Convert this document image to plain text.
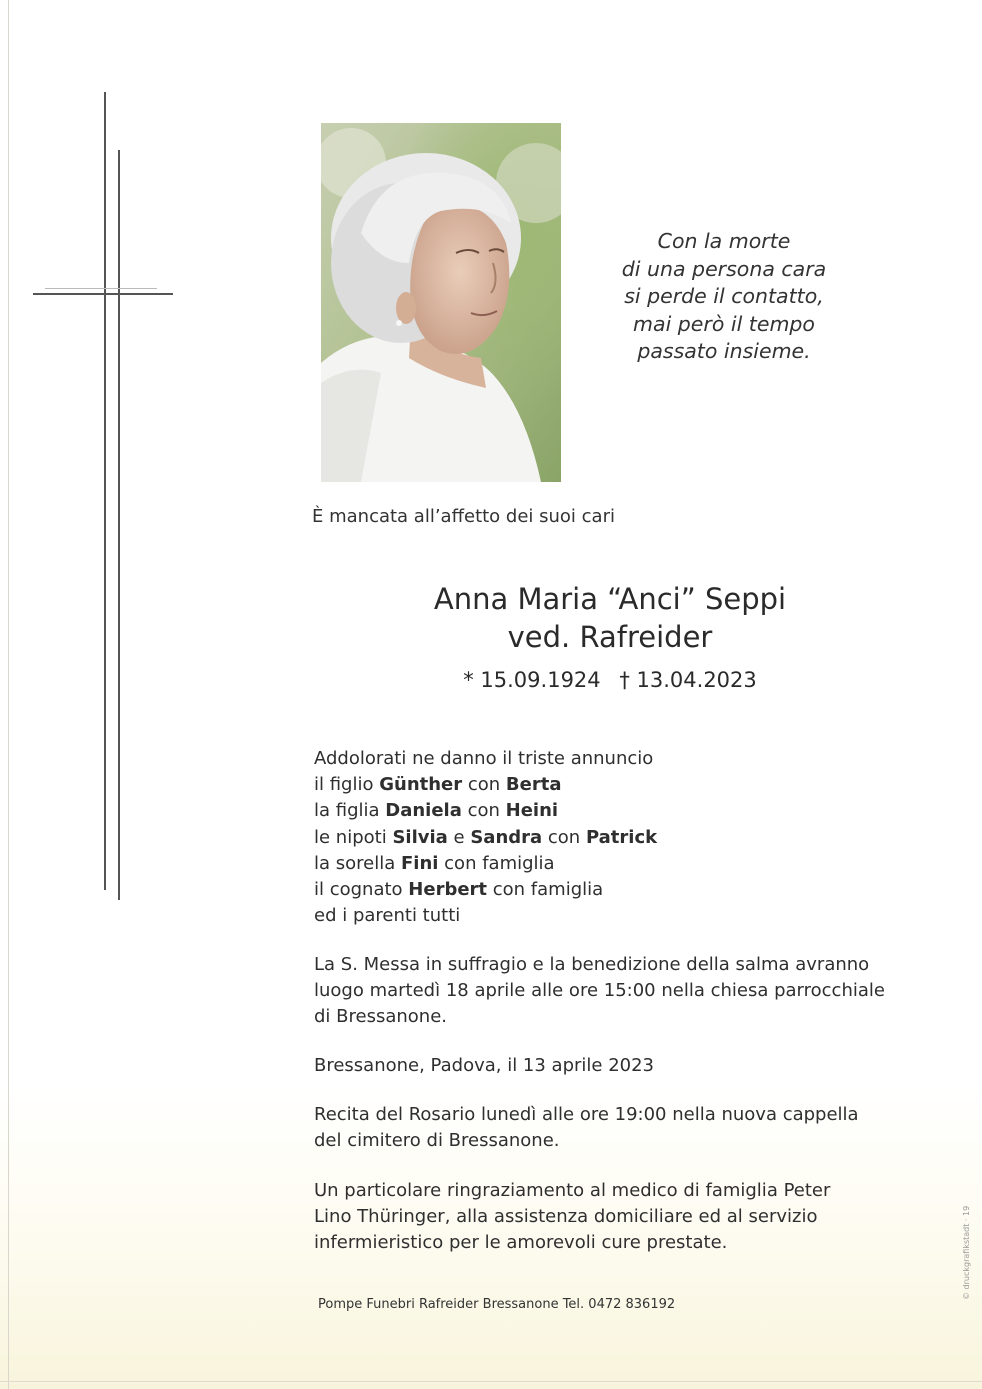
Con la morte
di una persona cara
si perde il contatto,
mai però il tempo
passato insieme.
È mancata all’affetto dei suoi cari
Anna Maria “Anci” Seppi
ved. Rafreider
* 15.09.1924 † 13.04.2023
Addolorati ne danno il triste annuncio
il figlio Günther con Berta
la figlia Daniela con Heini
le nipoti Silvia e Sandra con Patrick
la sorella Fini con famiglia
il cognato Herbert con famiglia
ed i parenti tutti
La S. Messa in suffragio e la benedizione della salma avranno
luogo martedì 18 aprile alle ore 15:00 nella chiesa parrocchiale
di Bressanone.
Bressanone, Padova, il 13 aprile 2023
Recita del Rosario lunedì alle ore 19:00 nella nuova cappella
del cimitero di Bressanone.
Un particolare ringraziamento al medico di famiglia Peter
Lino Thüringer, alla assistenza domiciliare ed al servizio
infermieristico per le amorevoli cure prestate.
Pompe Funebri Rafreider Bressanone Tel. 0472 836192
© druckgrafikstadt · 19
